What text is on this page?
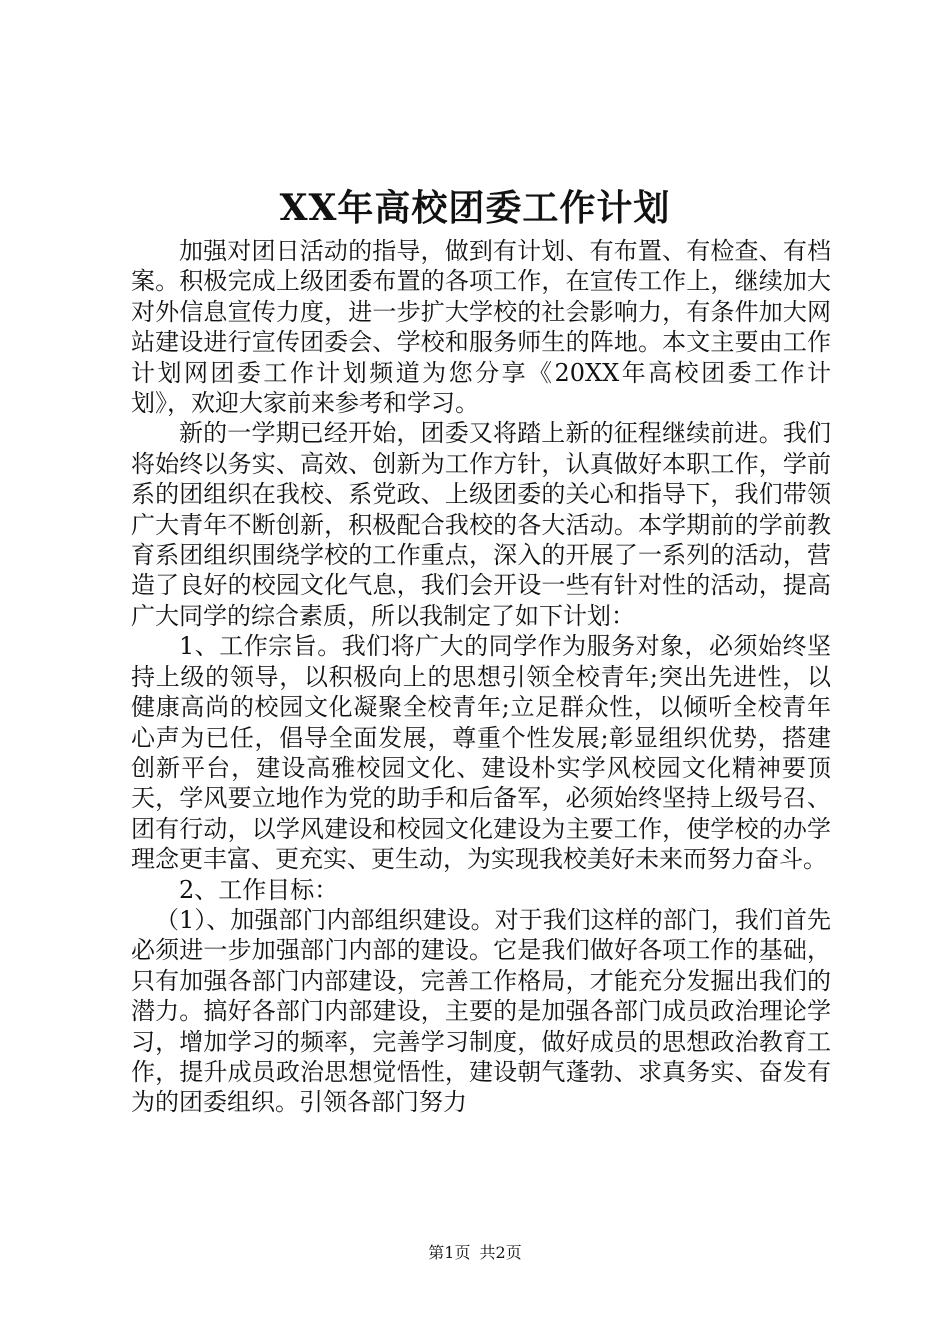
XX年高校团委工作计划

加强对团日活动的指导，做到有计划、有布置、有检查、有档案。积极完成上级团委布置的各项工作，在宣传工作上，继续加大对外信息宣传力度，进一步扩大学校的社会影响力，有条件加大网站建设进行宣传团委会、学校和服务师生的阵地。本文主要由工作计划网团委工作计划频道为您分享《20XX年高校团委工作计划》，欢迎大家前来参考和学习。

新的一学期已经开始，团委又将踏上新的征程继续前进。我们将始终以务实、高效、创新为工作方针，认真做好本职工作，学前系的团组织在我校、系党政、上级团委的关心和指导下，我们带领广大青年不断创新，积极配合我校的各大活动。本学期前的学前教育系团组织围绕学校的工作重点，深入的开展了一系列的活动，营造了良好的校园文化气息，我们会开设一些有针对性的活动，提高广大同学的综合素质，所以我制定了如下计划：

1、工作宗旨。我们将广大的同学作为服务对象，必须始终坚持上级的领导，以积极向上的思想引领全校青年;突出先进性，以健康高尚的校园文化凝聚全校青年;立足群众性，以倾听全校青年心声为已任，倡导全面发展，尊重个性发展;彰显组织优势，搭建创新平台，建设高雅校园文化、建设朴实学风校园文化精神要顶天，学风要立地作为党的助手和后备军，必须始终坚持上级号召、团有行动，以学风建设和校园文化建设为主要工作，使学校的办学理念更丰富、更充实、更生动，为实现我校美好未来而努力奋斗。

2、工作目标：

（1）、加强部门内部组织建设。对于我们这样的部门，我们首先必须进一步加强部门内部的建设。它是我们做好各项工作的基础，只有加强各部门内部建设，完善工作格局，才能充分发掘出我们的潜力。搞好各部门内部建设，主要的是加强各部门成员政治理论学习，增加学习的频率，完善学习制度，做好成员的思想政治教育工作，提升成员政治思想觉悟性，建设朝气蓬勃、求真务实、奋发有为的团委组织。引领各部门努力

第1页 共2页
